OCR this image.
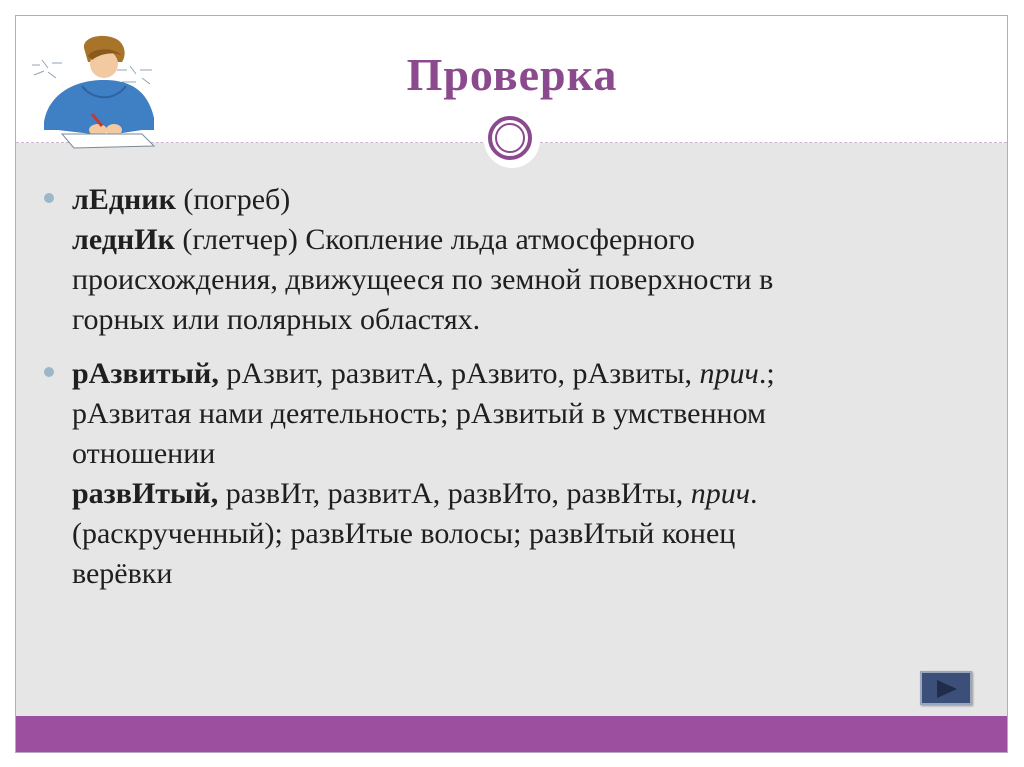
Проверка
лЕдник (погреб)
леднИк (глетчер) Скопление льда атмосферного
происхождения, движущееся по земной поверхности в
горных или полярных областях.
рАзвитый, рАзвит, развитА, рАзвито, рАзвиты, прич.;
рАзвитая нами деятельность; рАзвитый в умственном
отношении
развИтый, развИт, развитА, развИто, развИты, прич.
(раскрученный); развИтые волосы; развИтый конец
верёвки
